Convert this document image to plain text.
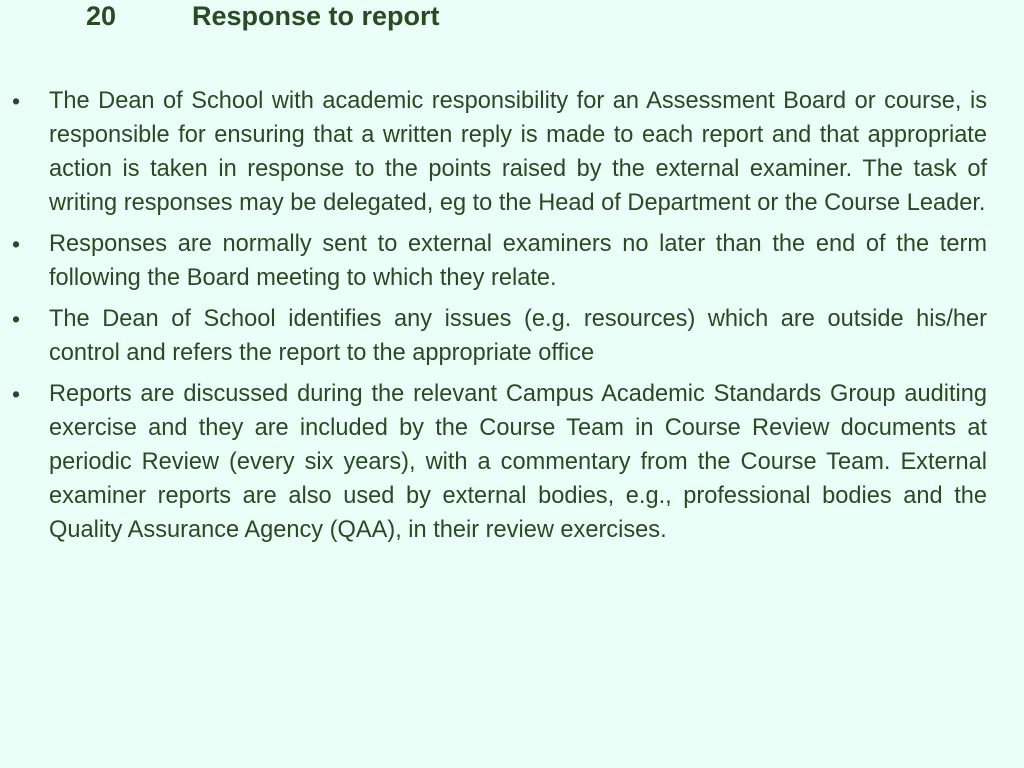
20	Response to report
• The Dean of School with academic responsibility for an Assessment Board or course, is responsible for ensuring that a written reply is made to each report and that appropriate action is taken in response to the points raised by the external examiner. The task of writing responses may be delegated, eg to the Head of Department or the Course Leader.
• Responses are normally sent to external examiners no later than the end of the term following the Board meeting to which they relate.
• The Dean of School identifies any issues (e.g. resources) which are outside his/her control and refers the report to the appropriate office
• Reports are discussed during the relevant Campus Academic Standards Group auditing exercise and they are included by the Course Team in Course Review documents at periodic Review (every six years), with a commentary from the Course Team. External examiner reports are also used by external bodies, e.g., professional bodies and the Quality Assurance Agency (QAA), in their review exercises.
